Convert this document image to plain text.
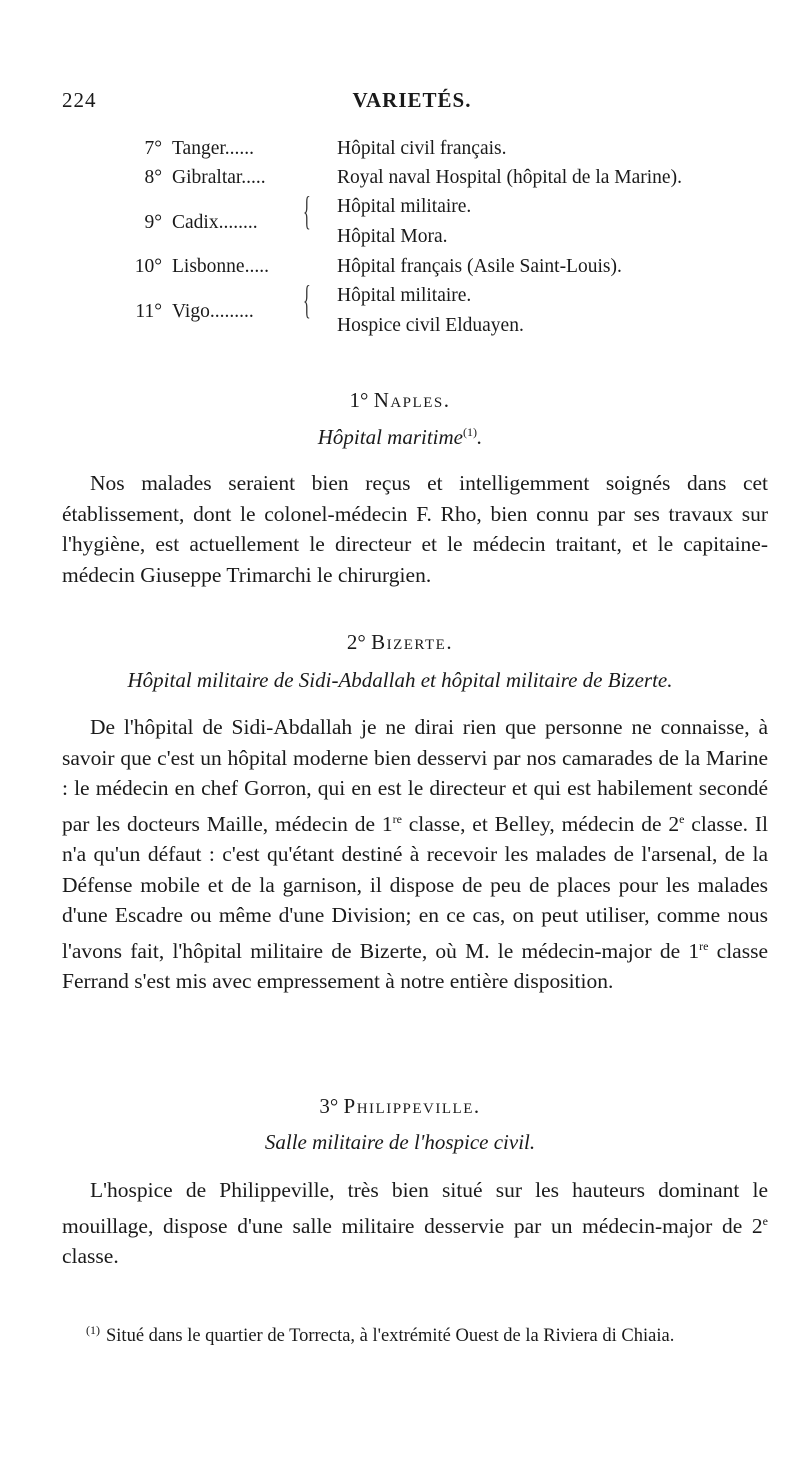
224	VARIETÉS.
7° Tanger......	Hôpital civil français.
8° Gibraltar.....	Royal naval Hospital (hôpital de la Marine).
9° Cadix........ { Hôpital militaire.
Hôpital Mora.
10° Lisbonne.....	Hôpital français (Asile Saint-Louis).
11° Vigo......... { Hôpital militaire.
Hospice civil Elduayen.
1° Naples.
Hôpital maritime$^{(1)}$.

Nos malades seraient bien reçus et intelligemment soignés dans cet établissement, dont le colonel-médecin F. Rho, bien connu par ses travaux sur l'hygiène, est actuellement le directeur et le médecin traitant, et le capitaine-médecin Giuseppe Trimarchi le chirurgien.

2° Bizerte.
Hôpital militaire de Sidi-Abdallah et hôpital militaire de Bizerte.

De l'hôpital de Sidi-Abdallah je ne dirai rien que personne ne connaisse, à savoir que c'est un hôpital moderne bien desservi par nos camarades de la Marine : le médecin en chef Gorron, qui en est le directeur et qui est habilement secondé par les docteurs Maille, médecin de 1re classe, et Belley, médecin de 2e classe. Il n'a qu'un défaut : c'est qu'étant destiné à recevoir les malades de l'arsenal, de la Défense mobile et de la garnison, il dispose de peu de places pour les malades d'une Escadre ou même d'une Division; en ce cas, on peut utiliser, comme nous l'avons fait, l'hôpital militaire de Bizerte, où M. le médecin-major de 1re classe Ferrand s'est mis avec empressement à notre entière disposition.

3° Philippeville.
Salle militaire de l'hospice civil.

L'hospice de Philippeville, très bien situé sur les hauteurs dominant le mouillage, dispose d'une salle militaire desservie par un médecin-major de 2e classe.

$^{(1)}$ Situé dans le quartier de Torrecta, à l'extrémité Ouest de la Riviera di Chiaia.
